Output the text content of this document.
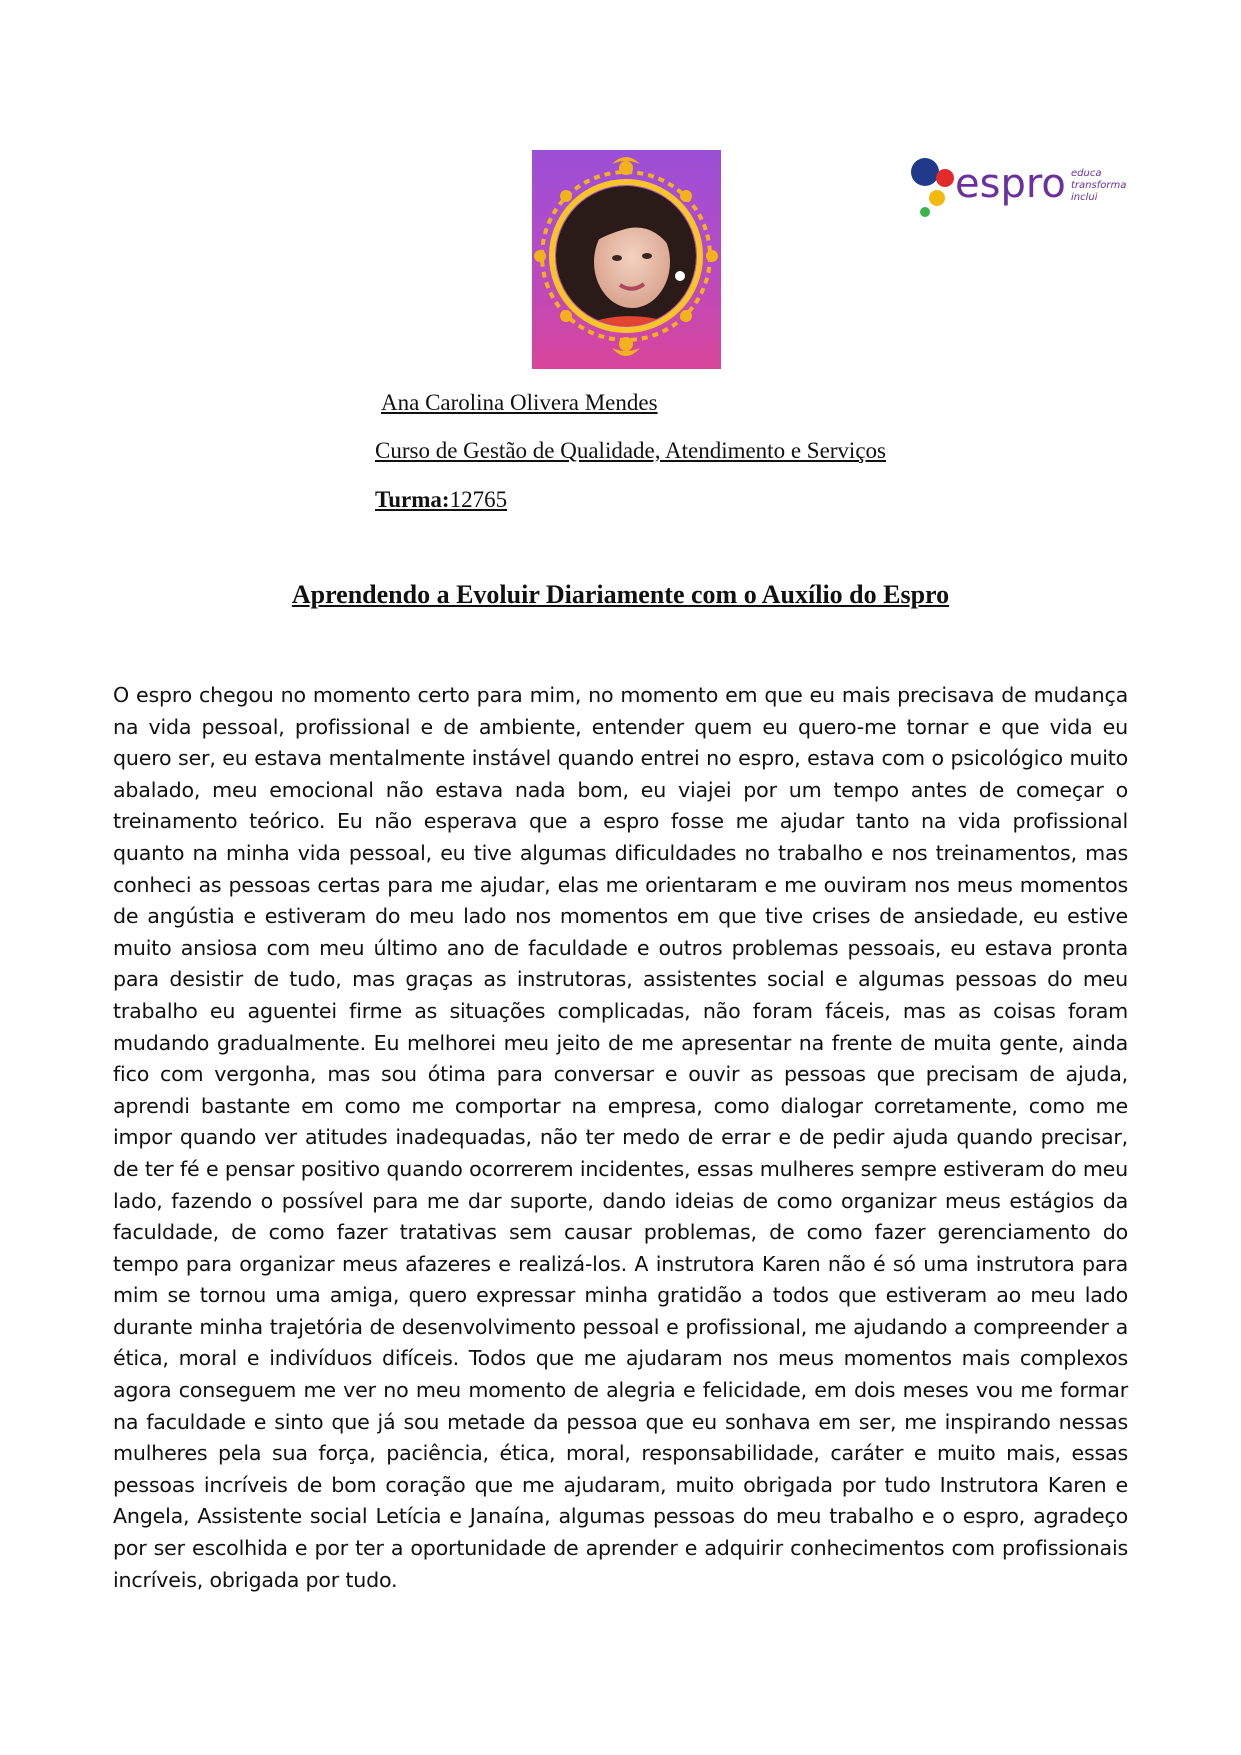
espro educa
transforma
inclui
Ana Carolina Olivera Mendes
Curso de Gestão de Qualidade, Atendimento e Serviços
Turma:12765
Aprendendo a Evoluir Diariamente com o Auxílio do Espro

O espro chegou no momento certo para mim, no momento em que eu mais precisava de mudança na vida pessoal, profissional e de ambiente, entender quem eu quero-me tornar e que vida eu quero ser, eu estava mentalmente instável quando entrei no espro, estava com o psicológico muito abalado, meu emocional não estava nada bom, eu viajei por um tempo antes de começar o treinamento teórico. Eu não esperava que a espro fosse me ajudar tanto na vida profissional quanto na minha vida pessoal, eu tive algumas dificuldades no trabalho e nos treinamentos, mas conheci as pessoas certas para me ajudar, elas me orientaram e me ouviram nos meus momentos de angústia e estiveram do meu lado nos momentos em que tive crises de ansiedade, eu estive muito ansiosa com meu último ano de faculdade e outros problemas pessoais, eu estava pronta para desistir de tudo, mas graças as instrutoras, assistentes social e algumas pessoas do meu trabalho eu aguentei firme as situações complicadas, não foram fáceis, mas as coisas foram mudando gradualmente. Eu melhorei meu jeito de me apresentar na frente de muita gente, ainda fico com vergonha, mas sou ótima para conversar e ouvir as pessoas que precisam de ajuda, aprendi bastante em como me comportar na empresa, como dialogar corretamente, como me impor quando ver atitudes inadequadas, não ter medo de errar e de pedir ajuda quando precisar, de ter fé e pensar positivo quando ocorrerem incidentes, essas mulheres sempre estiveram do meu lado, fazendo o possível para me dar suporte, dando ideias de como organizar meus estágios da faculdade, de como fazer tratativas sem causar problemas, de como fazer gerenciamento do tempo para organizar meus afazeres e realizá-los. A instrutora Karen não é só uma instrutora para mim se tornou uma amiga, quero expressar minha gratidão a todos que estiveram ao meu lado durante minha trajetória de desenvolvimento pessoal e profissional, me ajudando a compreender a ética, moral e indivíduos difíceis. Todos que me ajudaram nos meus momentos mais complexos agora conseguem me ver no meu momento de alegria e felicidade, em dois meses vou me formar na faculdade e sinto que já sou metade da pessoa que eu sonhava em ser, me inspirando nessas mulheres pela sua força, paciência, ética, moral, responsabilidade, caráter e muito mais, essas pessoas incríveis de bom coração que me ajudaram, muito obrigada por tudo Instrutora Karen e Angela, Assistente social Letícia e Janaína, algumas pessoas do meu trabalho e o espro, agradeço por ser escolhida e por ter a oportunidade de aprender e adquirir conhecimentos com profissionais incríveis, obrigada por tudo.
